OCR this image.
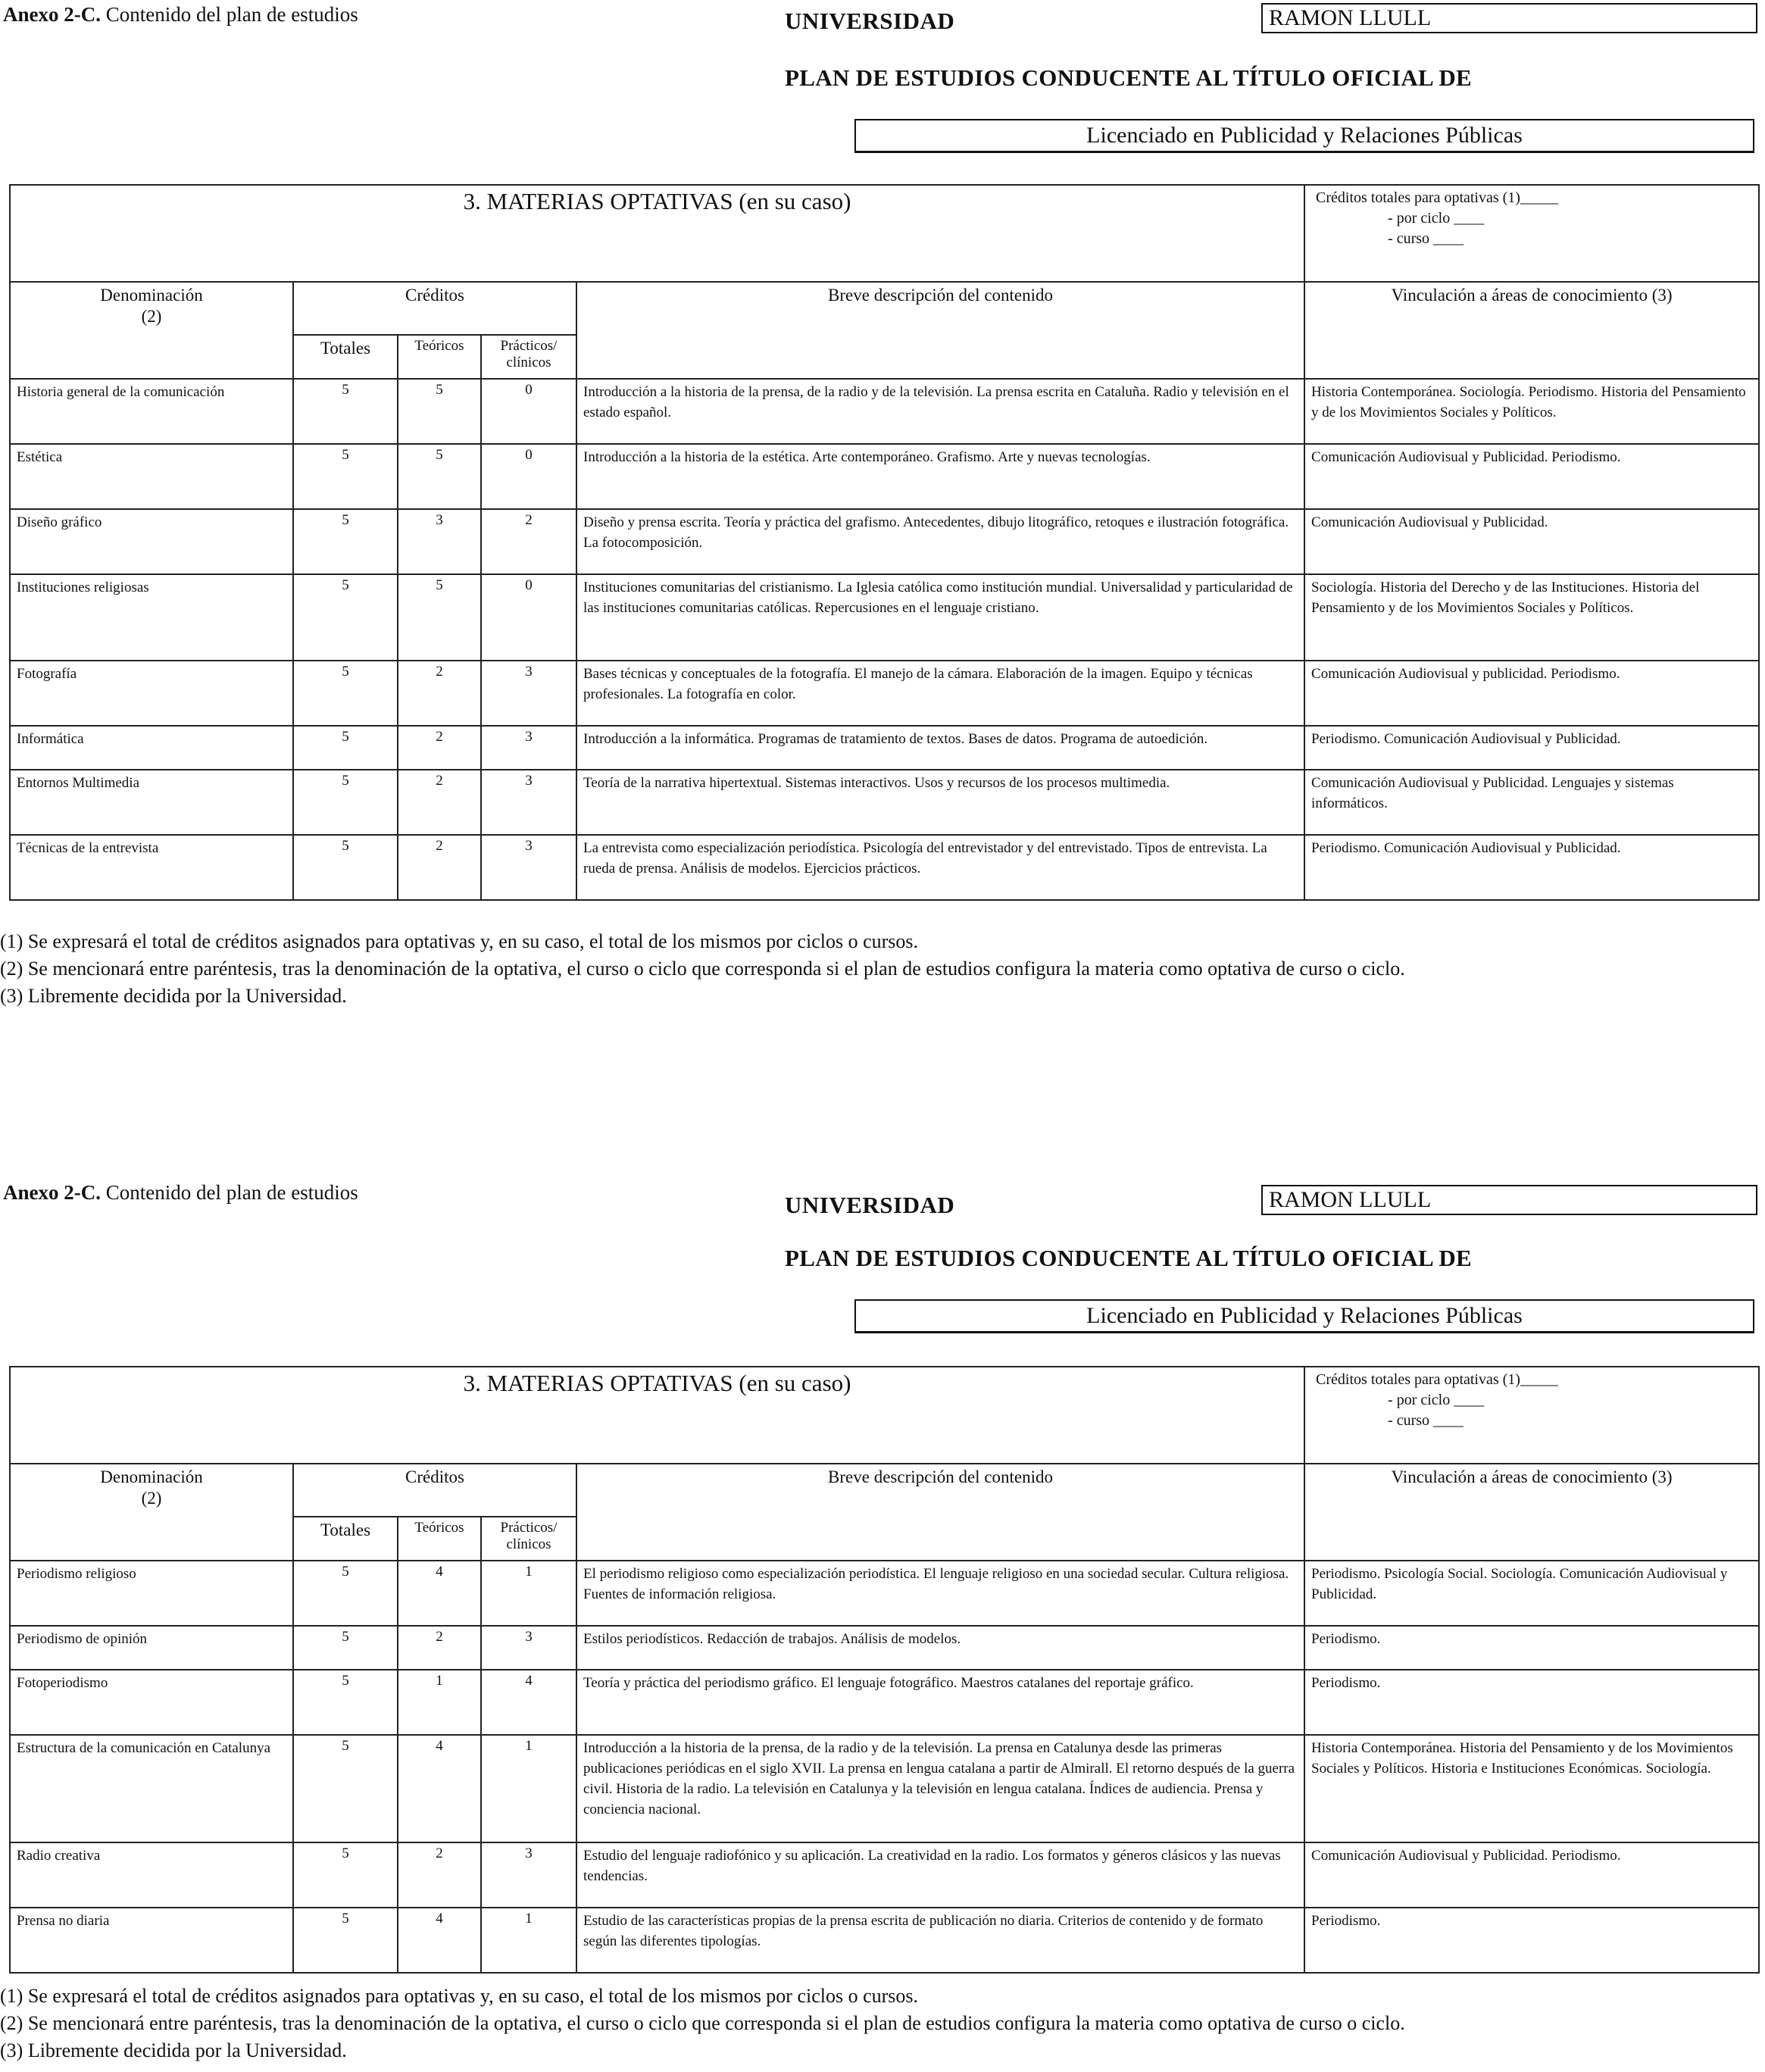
Anexo 2-C. Contenido del plan de estudios	UNIVERSIDAD	RAMON LLULL
PLAN DE ESTUDIOS CONDUCENTE AL TÍTULO OFICIAL DE
Licenciado en Publicidad y Relaciones Públicas
3. MATERIAS OPTATIVAS (en su caso)					Créditos totales para optativas (1)_____
- por ciclo ____
- curso ____

Denominación
(2)	Créditos			Breve descripción del contenido	Vinculación a áreas de conocimiento (3)
	Totales	Teóricos	Prácticos/ clínicos		
Historia general de la comunicación	5	5	0	Introducción a la historia de la prensa, de la radio y de la televisión. La prensa escrita en Cataluña. Radio y televisión en el estado español.	Historia Contemporánea. Sociología. Periodismo. Historia del Pensamiento y de los Movimientos Sociales y Políticos.
Estética	5	5	0	Introducción a la historia de la estética. Arte contemporáneo. Grafismo. Arte y nuevas tecnologías.	Comunicación Audiovisual y Publicidad. Periodismo.
Diseño gráfico	5	3	2	Diseño y prensa escrita. Teoría y práctica del grafismo. Antecedentes, dibujo litográfico, retoques e ilustración fotográfica. La fotocomposición.	Comunicación Audiovisual y Publicidad.
Instituciones religiosas	5	5	0	Instituciones comunitarias del cristianismo. La Iglesia católica como institución mundial. Universalidad y particularidad de las instituciones comunitarias católicas. Repercusiones en el lenguaje cristiano.	Sociología. Historia del Derecho y de las Instituciones. Historia del Pensamiento y de los Movimientos Sociales y Políticos.
Fotografía	5	2	3	Bases técnicas y conceptuales de la fotografía. El manejo de la cámara. Elaboración de la imagen. Equipo y técnicas profesionales. La fotografía en color.	Comunicación Audiovisual y publicidad. Periodismo.
Informática	5	2	3	Introducción a la informática. Programas de tratamiento de textos. Bases de datos. Programa de autoedición.	Periodismo. Comunicación Audiovisual y Publicidad.
Entornos Multimedia	5	2	3	Teoría de la narrativa hipertextual. Sistemas interactivos. Usos y recursos de los procesos multimedia.	Comunicación Audiovisual y Publicidad. Lenguajes y sistemas informáticos.
Técnicas de la entrevista	5	2	3	La entrevista como especialización periodística. Psicología del entrevistador y del entrevistado. Tipos de entrevista. La rueda de prensa. Análisis de modelos. Ejercicios prácticos.	Periodismo. Comunicación Audiovisual y Publicidad.
(1) Se expresará el total de créditos asignados para optativas y, en su caso, el total de los mismos por ciclos o cursos.
(2) Se mencionará entre paréntesis, tras la denominación de la optativa, el curso o ciclo que corresponda si el plan de estudios configura la materia como optativa de curso o ciclo.
(3) Libremente decidida por la Universidad.
Anexo 2-C. Contenido del plan de estudios	UNIVERSIDAD	RAMON LLULL
PLAN DE ESTUDIOS CONDUCENTE AL TÍTULO OFICIAL DE
Licenciado en Publicidad y Relaciones Públicas
3. MATERIAS OPTATIVAS (en su caso)					Créditos totales para optativas (1)_____
- por ciclo ____
- curso ____

Denominación
(2)	Créditos			Breve descripción del contenido	Vinculación a áreas de conocimiento (3)
	Totales	Teóricos	Prácticos/ clínicos		
Periodismo religioso	5	4	1	El periodismo religioso como especialización periodística. El lenguaje religioso en una sociedad secular. Cultura religiosa. Fuentes de información religiosa.	Periodismo. Psicología Social. Sociología. Comunicación Audiovisual y Publicidad.
Periodismo de opinión	5	2	3	Estilos periodísticos. Redacción de trabajos. Análisis de modelos.	Periodismo.
Fotoperiodismo	5	1	4	Teoría y práctica del periodismo gráfico. El lenguaje fotográfico. Maestros catalanes del reportaje gráfico.	Periodismo.
Estructura de la comunicación en Catalunya	5	4	1	Introducción a la historia de la prensa, de la radio y de la televisión. La prensa en Catalunya desde las primeras publicaciones periódicas en el siglo XVII. La prensa en lengua catalana a partir de Almirall. El retorno después de la guerra civil. Historia de la radio. La televisión en Catalunya y la televisión en lengua catalana. Índices de audiencia. Prensa y conciencia nacional.	Historia Contemporánea. Historia del Pensamiento y de los Movimientos Sociales y Políticos. Historia e Instituciones Económicas. Sociología.
Radio creativa	5	2	3	Estudio del lenguaje radiofónico y su aplicación. La creatividad en la radio. Los formatos y géneros clásicos y las nuevas tendencias.	Comunicación Audiovisual y Publicidad. Periodismo.
Prensa no diaria	5	4	1	Estudio de las características propias de la prensa escrita de publicación no diaria. Criterios de contenido y de formato según las diferentes tipologías.	Periodismo.
(1) Se expresará el total de créditos asignados para optativas y, en su caso, el total de los mismos por ciclos o cursos.
(2) Se mencionará entre paréntesis, tras la denominación de la optativa, el curso o ciclo que corresponda si el plan de estudios configura la materia como optativa de curso o ciclo.
(3) Libremente decidida por la Universidad.
